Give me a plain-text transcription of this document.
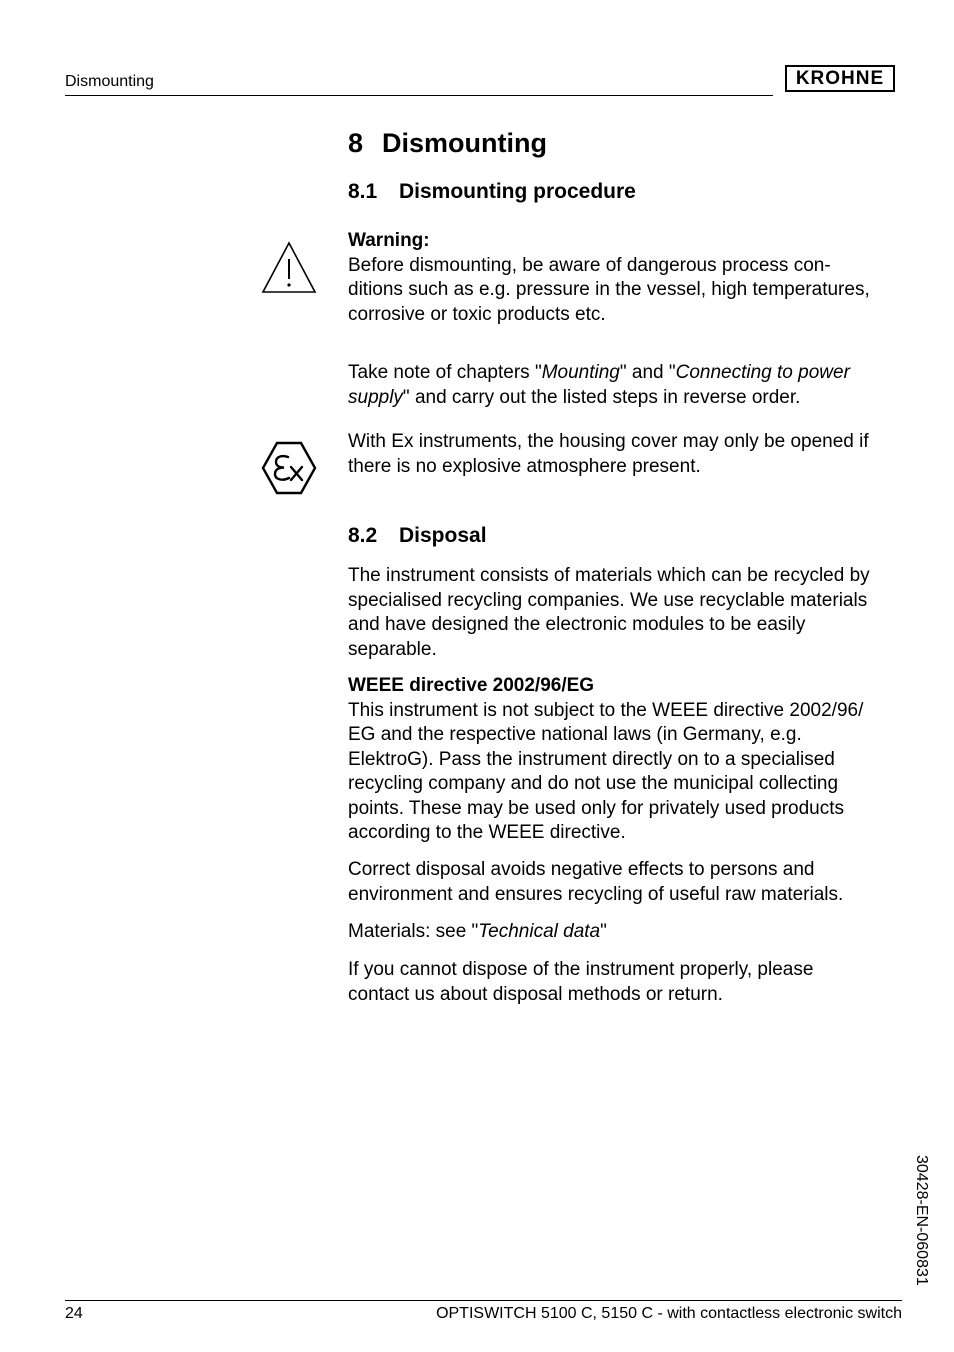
Dismounting	KROHNE
8 Dismounting
8.1 Dismounting procedure
Warning:
Before dismounting, be aware of dangerous process con-
ditions such as e.g. pressure in the vessel, high temperatures,
corrosive or toxic products etc.
Take note of chapters "Mounting" and "Connecting to power
supply" and carry out the listed steps in reverse order.
With Ex instruments, the housing cover may only be opened if
there is no explosive atmosphere present.
8.2 Disposal
The instrument consists of materials which can be recycled by
specialised recycling companies. We use recyclable materials
and have designed the electronic modules to be easily
separable.
WEEE directive 2002/96/EG
This instrument is not subject to the WEEE directive 2002/96/
EG and the respective national laws (in Germany, e.g.
ElektroG). Pass the instrument directly on to a specialised
recycling company and do not use the municipal collecting
points. These may be used only for privately used products
according to the WEEE directive.
Correct disposal avoids negative effects to persons and
environment and ensures recycling of useful raw materials.
Materials: see "Technical data"
If you cannot dispose of the instrument properly, please
contact us about disposal methods or return.
30428-EN-060831
24	OPTISWITCH 5100 C, 5150 C - with contactless electronic switch
